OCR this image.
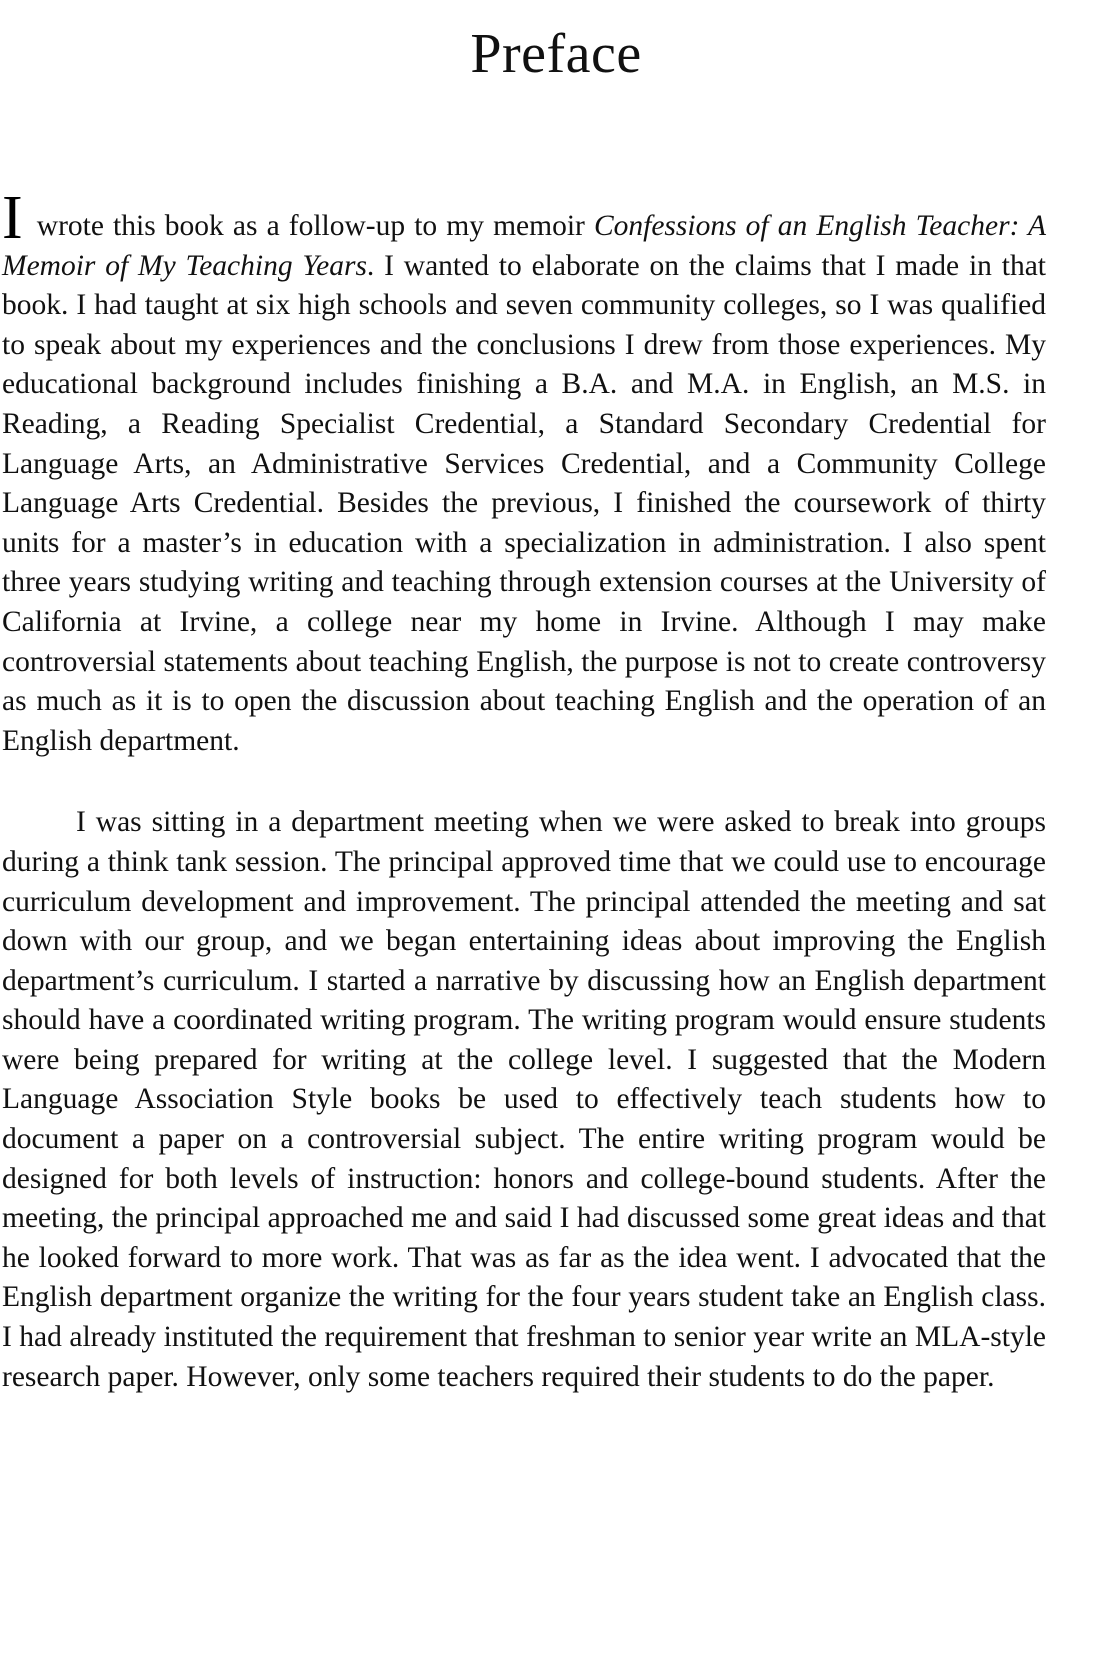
Preface

I wrote this book as a follow-up to my memoir Confessions of an English Teacher: A Memoir of My Teaching Years. I wanted to elaborate on the claims that I made in that book. I had taught at six high schools and seven community colleges, so I was qualified to speak about my experiences and the conclusions I drew from those experiences. My educational background includes finishing a B.A. and M.A. in English, an M.S. in Reading, a Reading Specialist Credential, a Standard Secondary Credential for Language Arts, an Administrative Services Credential, and a Community College Language Arts Credential. Besides the previous, I finished the coursework of thirty units for a master’s in education with a specialization in administration. I also spent three years studying writing and teaching through extension courses at the University of California at Irvine, a college near my home in Irvine. Although I may make controversial statements about teaching English, the purpose is not to create controversy as much as it is to open the discussion about teaching English and the operation of an English department.

I was sitting in a department meeting when we were asked to break into groups during a think tank session. The principal approved time that we could use to encourage curriculum development and improvement. The principal attended the meeting and sat down with our group, and we began entertaining ideas about improving the English department’s curriculum. I started a narrative by discussing how an English department should have a coordinated writing program. The writing program would ensure students were being prepared for writing at the college level. I suggested that the Modern Language Association Style books be used to effectively teach students how to document a paper on a controversial subject. The entire writing program would be designed for both levels of instruction: honors and college-bound students. After the meeting, the principal approached me and said I had discussed some great ideas and that he looked forward to more work. That was as far as the idea went. I advocated that the English department organize the writing for the four years student take an English class. I had already instituted the requirement that freshman to senior year write an MLA-style research paper. However, only some teachers required their students to do the paper.
